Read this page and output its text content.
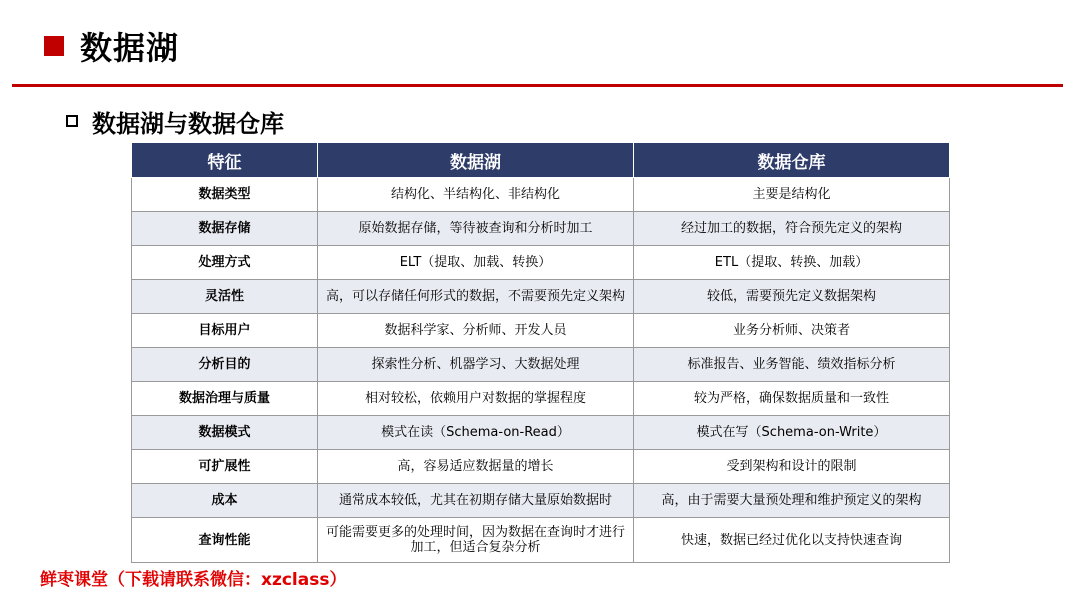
数据湖
数据湖与数据仓库
特征	数据湖	数据仓库
数据类型	结构化、半结构化、非结构化	主要是结构化
数据存储	原始数据存储，等待被查询和分析时加工	经过加工的数据，符合预先定义的架构
处理方式	ELT（提取、加载、转换）	ETL（提取、转换、加载）
灵活性	高，可以存储任何形式的数据，不需要预先定义架构	较低，需要预先定义数据架构
目标用户	数据科学家、分析师、开发人员	业务分析师、决策者
分析目的	探索性分析、机器学习、大数据处理	标准报告、业务智能、绩效指标分析
数据治理与质量	相对较松，依赖用户对数据的掌握程度	较为严格，确保数据质量和一致性
数据模式	模式在读（Schema-on-Read）	模式在写（Schema-on-Write）
可扩展性	高，容易适应数据量的增长	受到架构和设计的限制
成本	通常成本较低，尤其在初期存储大量原始数据时	高，由于需要大量预处理和维护预定义的架构
查询性能	可能需要更多的处理时间，因为数据在查询时才进行加工，但适合复杂分析	快速，数据已经过优化以支持快速查询
鲜枣课堂（下载请联系微信：xzclass）
